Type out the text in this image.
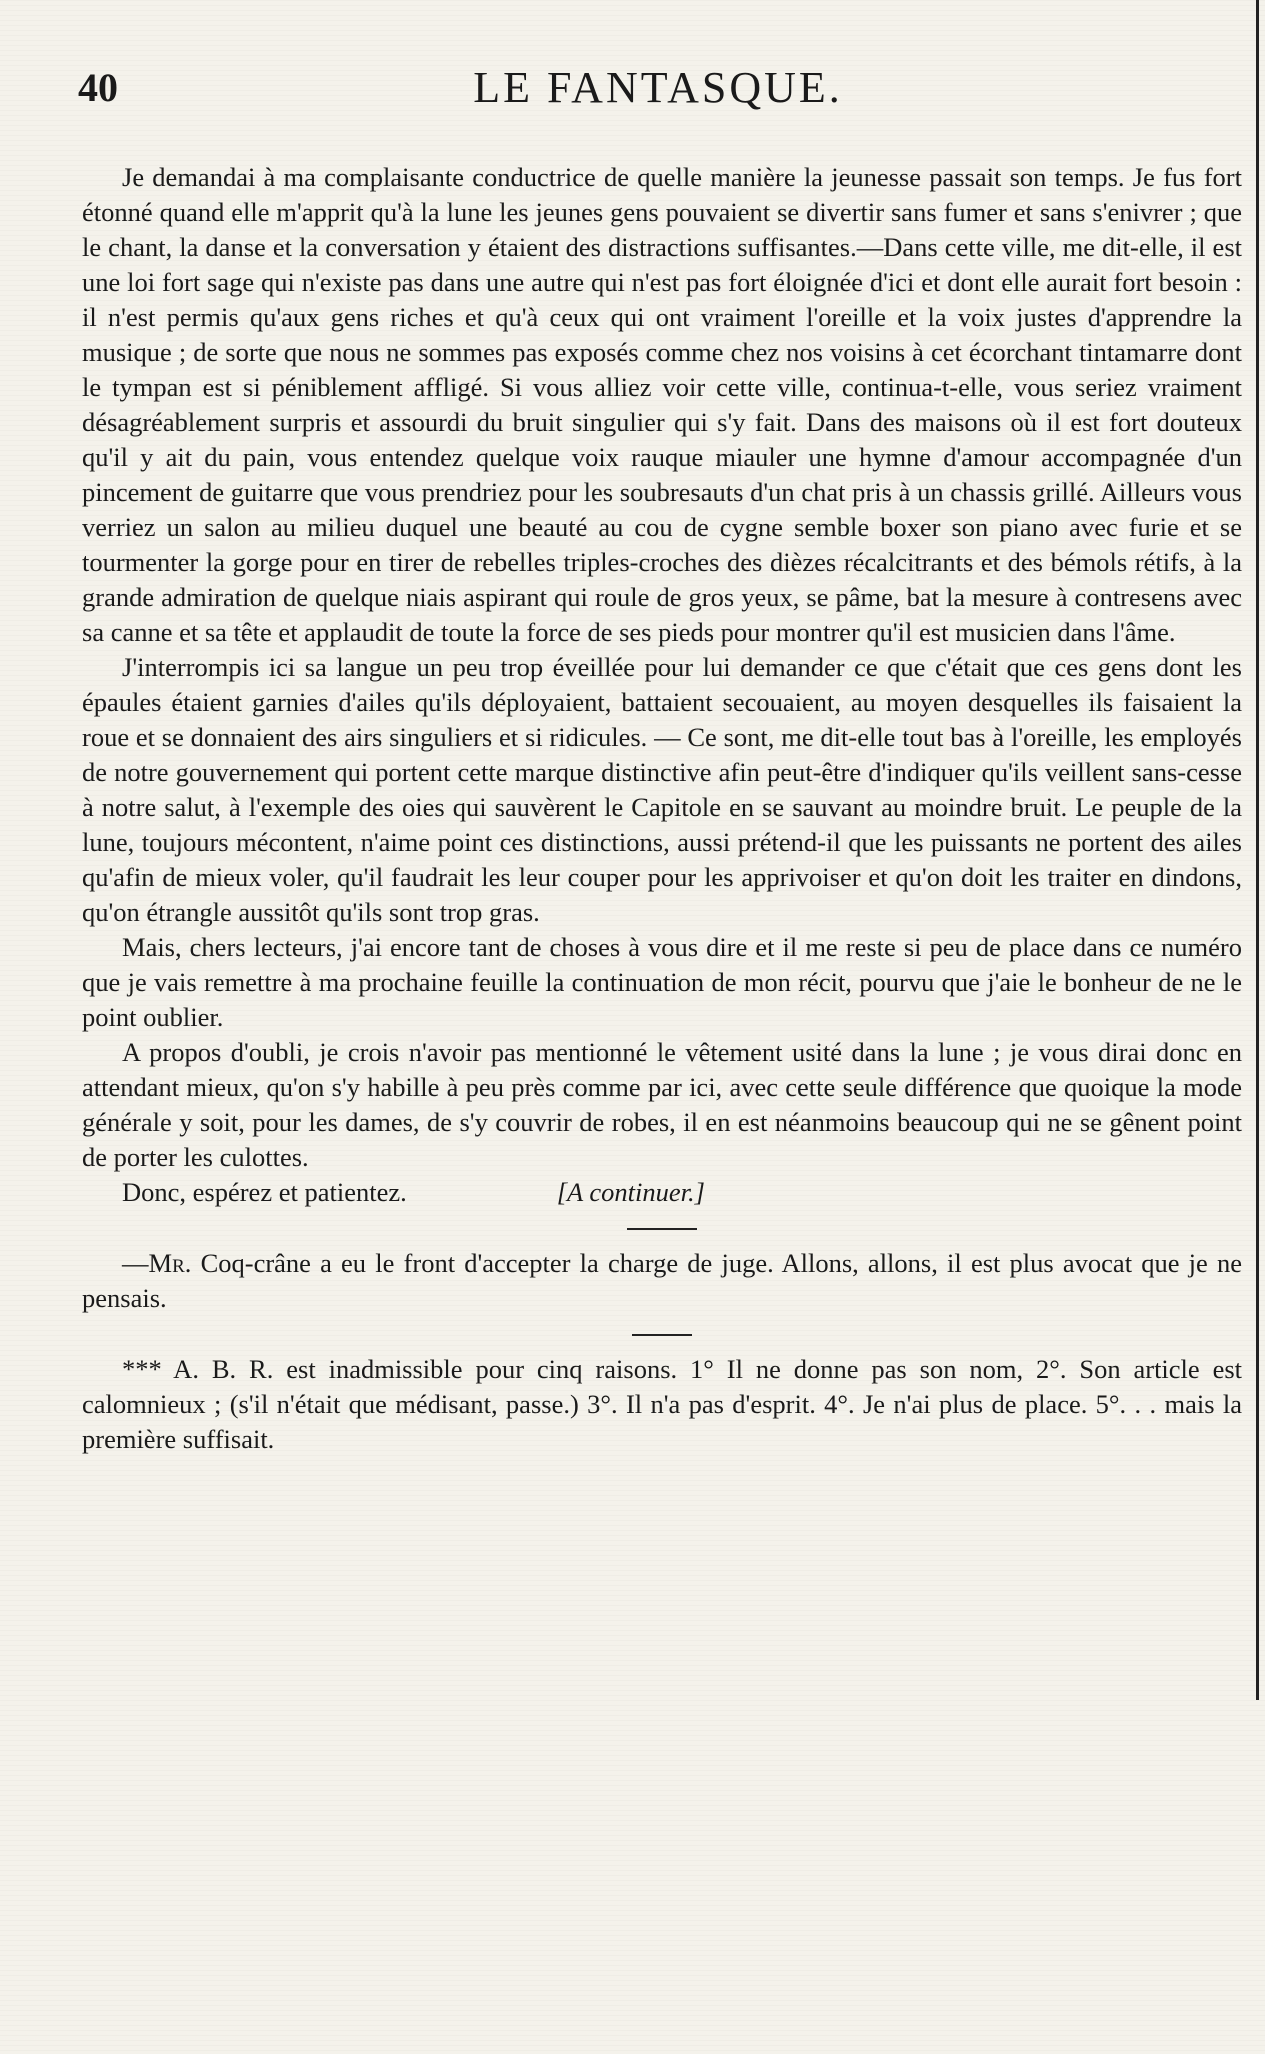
40	LE FANTASQUE.

Je demandai à ma complaisante conductrice de quelle manière la jeunesse passait son temps. Je fus fort étonné quand elle m'apprit qu'à la lune les jeunes gens pouvaient se divertir sans fumer et sans s'enivrer ; que le chant, la danse et la conversation y étaient des distractions suffisantes.—Dans cette ville, me dit-elle, il est une loi fort sage qui n'existe pas dans une autre qui n'est pas fort éloignée d'ici et dont elle aurait fort besoin : il n'est permis qu'aux gens riches et qu'à ceux qui ont vraiment l'oreille et la voix justes d'apprendre la musique ; de sorte que nous ne sommes pas exposés comme chez nos voisins à cet écorchant tintamarre dont le tympan est si péniblement affligé. Si vous alliez voir cette ville, continua-t-elle, vous seriez vraiment désagréablement surpris et assourdi du bruit singulier qui s'y fait. Dans des maisons où il est fort douteux qu'il y ait du pain, vous entendez quelque voix rauque miauler une hymne d'amour accompagnée d'un pincement de guitarre que vous prendriez pour les soubresauts d'un chat pris à un chassis grillé. Ailleurs vous verriez un salon au milieu duquel une beauté au cou de cygne semble boxer son piano avec furie et se tourmenter la gorge pour en tirer de rebelles triples-croches des dièzes récalcitrants et des bémols rétifs, à la grande admiration de quelque niais aspirant qui roule de gros yeux, se pâme, bat la mesure à contresens avec sa canne et sa tête et applaudit de toute la force de ses pieds pour montrer qu'il est musicien dans l'âme.

J'interrompis ici sa langue un peu trop éveillée pour lui demander ce que c'était que ces gens dont les épaules étaient garnies d'ailes qu'ils déployaient, battaient secouaient, au moyen desquelles ils faisaient la roue et se donnaient des airs singuliers et si ridicules. — Ce sont, me dit-elle tout bas à l'oreille, les employés de notre gouvernement qui portent cette marque distinctive afin peut-être d'indiquer qu'ils veillent sans-cesse à notre salut, à l'exemple des oies qui sauvèrent le Capitole en se sauvant au moindre bruit. Le peuple de la lune, toujours mécontent, n'aime point ces distinctions, aussi prétend-il que les puissants ne portent des ailes qu'afin de mieux voler, qu'il faudrait les leur couper pour les apprivoiser et qu'on doit les traiter en dindons, qu'on étrangle aussitôt qu'ils sont trop gras.

Mais, chers lecteurs, j'ai encore tant de choses à vous dire et il me reste si peu de place dans ce numéro que je vais remettre à ma prochaine feuille la continuation de mon récit, pourvu que j'aie le bonheur de ne le point oublier.

A propos d'oubli, je crois n'avoir pas mentionné le vêtement usité dans la lune ; je vous dirai donc en attendant mieux, qu'on s'y habille à peu près comme par ici, avec cette seule différence que quoique la mode générale y soit, pour les dames, de s'y couvrir de robes, il en est néanmoins beaucoup qui ne se gênent point de porter les culottes.

Donc, espérez et patientez.	[A continuer.]

—Mr. Coq-crâne a eu le front d'accepter la charge de juge. Allons, allons, il est plus avocat que je ne pensais.

*** A. B. R. est inadmissible pour cinq raisons. 1° Il ne donne pas son nom, 2°. Son article est calomnieux ; (s'il n'était que médisant, passe.) 3°. Il n'a pas d'esprit. 4°. Je n'ai plus de place. 5°. . . mais la première suffisait.
